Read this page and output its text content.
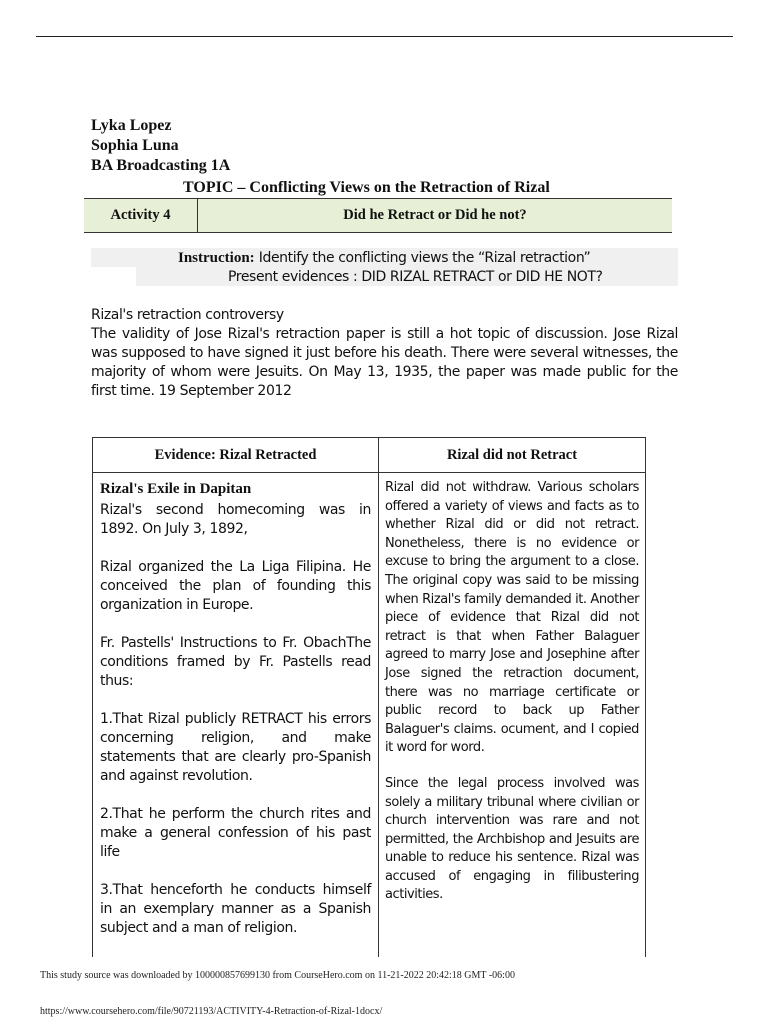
Lyka Lopez
Sophia Luna
BA Broadcasting 1A
TOPIC – Conflicting Views on the Retraction of Rizal
Activity 4	Did he Retract or Did he not?
Instruction: Identify the conflicting views the “Rizal retraction”
Present evidences : DID RIZAL RETRACT or DID HE NOT?
Rizal's retraction controversy
The validity of Jose Rizal's retraction paper is still a hot topic of discussion. Jose Rizal was supposed to have signed it just before his death. There were several witnesses, the majority of whom were Jesuits. On May 13, 1935, the paper was made public for the first time. 19 September 2012
Evidence: Rizal Retracted	Rizal did not Retract
Rizal's Exile in Dapitan

Rizal's second homecoming was in 1892. On July 3, 1892,

Rizal organized the La Liga Filipina. He conceived the plan of founding this organization in Europe.

Fr. Pastells' Instructions to Fr. ObachThe conditions framed by Fr. Pastells read thus:

1.That Rizal publicly RETRACT his errors concerning religion, and make statements that are clearly pro-Spanish and against revolution.

2.That he perform the church rites and make a general confession of his past life

3.That henceforth he conducts himself in an exemplary manner as a Spanish subject and a man of religion.

Rizal did not withdraw. Various scholars offered a variety of views and facts as to whether Rizal did or did not retract. Nonetheless, there is no evidence or excuse to bring the argument to a close. The original copy was said to be missing when Rizal's family demanded it. Another piece of evidence that Rizal did not retract is that when Father Balaguer agreed to marry Jose and Josephine after Jose signed the retraction document, there was no marriage certificate or public record to back up Father Balaguer's claims. ocument, and I copied it word for word.

Since the legal process involved was solely a military tribunal where civilian or church intervention was rare and not permitted, the Archbishop and Jesuits are unable to reduce his sentence. Rizal was accused of engaging in filibustering activities.

This study source was downloaded by 100000857699130 from CourseHero.com on 11-21-2022 20:42:18 GMT -06:00
https://www.coursehero.com/file/90721193/ACTIVITY-4-Retraction-of-Rizal-1docx/
